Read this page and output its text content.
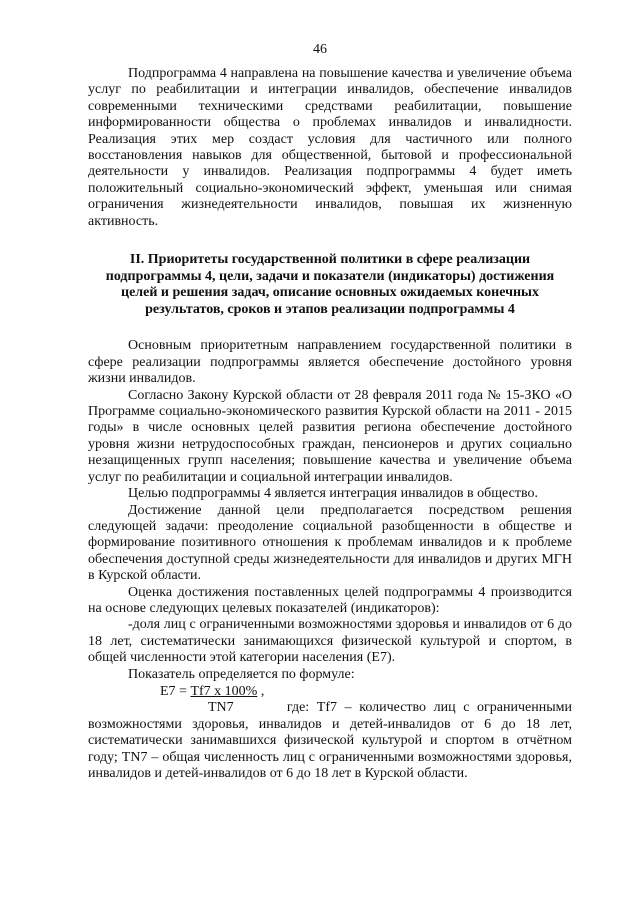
46

Подпрограмма 4 направлена на повышение качества и увеличение объема услуг по реабилитации и интеграции инвалидов, обеспечение инвалидов современными техническими средствами реабилитации, повышение информированности общества о проблемах инвалидов и инвалидности. Реализация этих мер создаст условия для частичного или полного восстановления навыков для общественной, бытовой и профессиональной деятельности у инвалидов. Реализация подпрограммы 4 будет иметь положительный социально-экономический эффект, уменьшая или снимая ограничения жизнедеятельности инвалидов, повышая их жизненную активность.

II. Приоритеты государственной политики в сфере реализации подпрограммы 4, цели, задачи и показатели (индикаторы) достижения целей и решения задач, описание основных ожидаемых конечных результатов, сроков и этапов реализации подпрограммы 4

Основным приоритетным направлением государственной политики в сфере реализации подпрограммы является обеспечение достойного уровня жизни инвалидов.

Согласно Закону Курской области от 28 февраля 2011 года № 15-ЗКО «О Программе социально-экономического развития Курской области на 2011 - 2015 годы» в числе основных целей развития региона обеспечение достойного уровня жизни нетрудоспособных граждан, пенсионеров и других социально незащищенных групп населения; повышение качества и увеличение объема услуг по реабилитации и социальной интеграции инвалидов.

Целью подпрограммы 4 является интеграция инвалидов в общество.

Достижение данной цели предполагается посредством решения следующей задачи: преодоление социальной разобщенности в обществе и формирование позитивного отношения к проблемам инвалидов и к проблеме обеспечения доступной среды жизнедеятельности для инвалидов и других МГН в Курской области.

Оценка достижения поставленных целей подпрограммы 4 производится на основе следующих целевых показателей (индикаторов):

-доля лиц с ограниченными возможностями здоровья и инвалидов от 6 до 18 лет, систематически занимающихся физической культурой и спортом, в общей численности этой категории населения (Е7).

Показатель определяется по формуле:

Е7 = Tf7 х 100% ,

TN7	где: Tf7 – количество лиц с ограниченными возможностями здоровья, инвалидов и детей-инвалидов от 6 до 18 лет, систематически занимавшихся физической культурой и спортом в отчётном году; TN7 – общая численность лиц с ограниченными возможностями здоровья, инвалидов и детей-инвалидов от 6 до 18 лет в Курской области.
